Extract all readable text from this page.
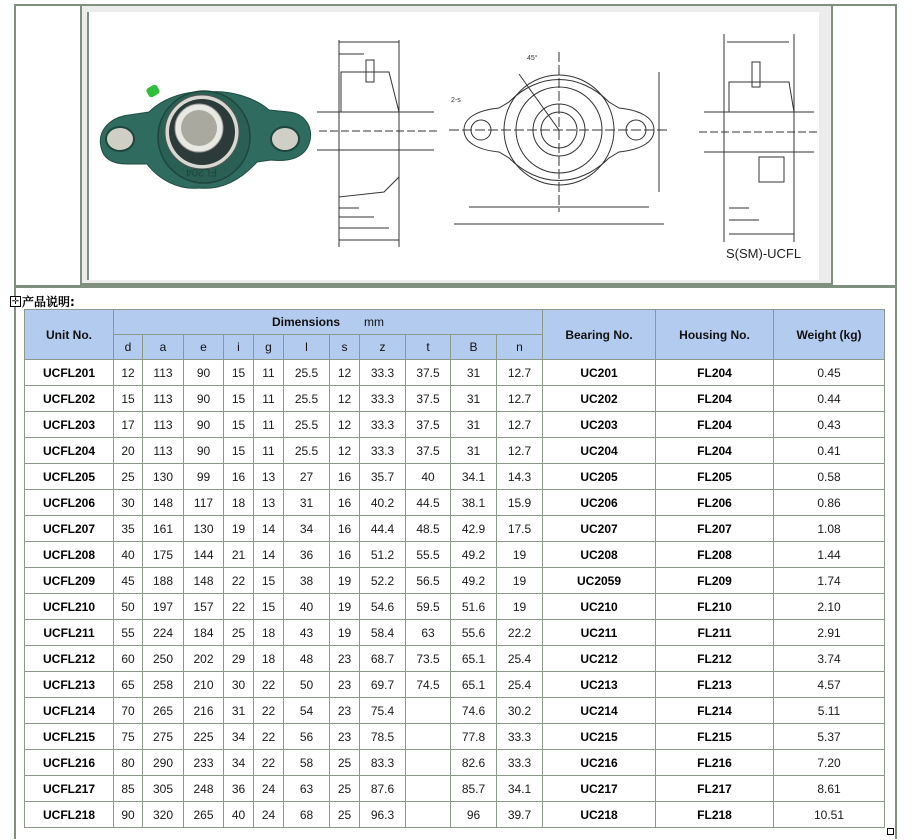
FL204
45°
2-s
S(SM)-UCFL
✛ 产品说明:
Unit No.	Dimensions mm											Bearing No.	Housing No.	Weight (kg)
	d	a	e	i	g	l	s	z	t	B	n			
UCFL201	12	113	90	15	11	25.5	12	33.3	37.5	31	12.7	UC201	FL204	0.45
UCFL202	15	113	90	15	11	25.5	12	33.3	37.5	31	12.7	UC202	FL204	0.44
UCFL203	17	113	90	15	11	25.5	12	33.3	37.5	31	12.7	UC203	FL204	0.43
UCFL204	20	113	90	15	11	25.5	12	33.3	37.5	31	12.7	UC204	FL204	0.41
UCFL205	25	130	99	16	13	27	16	35.7	40	34.1	14.3	UC205	FL205	0.58
UCFL206	30	148	117	18	13	31	16	40.2	44.5	38.1	15.9	UC206	FL206	0.86
UCFL207	35	161	130	19	14	34	16	44.4	48.5	42.9	17.5	UC207	FL207	1.08
UCFL208	40	175	144	21	14	36	16	51.2	55.5	49.2	19	UC208	FL208	1.44
UCFL209	45	188	148	22	15	38	19	52.2	56.5	49.2	19	UC2059	FL209	1.74
UCFL210	50	197	157	22	15	40	19	54.6	59.5	51.6	19	UC210	FL210	2.10
UCFL211	55	224	184	25	18	43	19	58.4	63	55.6	22.2	UC211	FL211	2.91
UCFL212	60	250	202	29	18	48	23	68.7	73.5	65.1	25.4	UC212	FL212	3.74
UCFL213	65	258	210	30	22	50	23	69.7	74.5	65.1	25.4	UC213	FL213	4.57
UCFL214	70	265	216	31	22	54	23	75.4		74.6	30.2	UC214	FL214	5.11
UCFL215	75	275	225	34	22	56	23	78.5		77.8	33.3	UC215	FL215	5.37
UCFL216	80	290	233	34	22	58	25	83.3		82.6	33.3	UC216	FL216	7.20
UCFL217	85	305	248	36	24	63	25	87.6		85.7	34.1	UC217	FL217	8.61
UCFL218	90	320	265	40	24	68	25	96.3		96	39.7	UC218	FL218	10.51
